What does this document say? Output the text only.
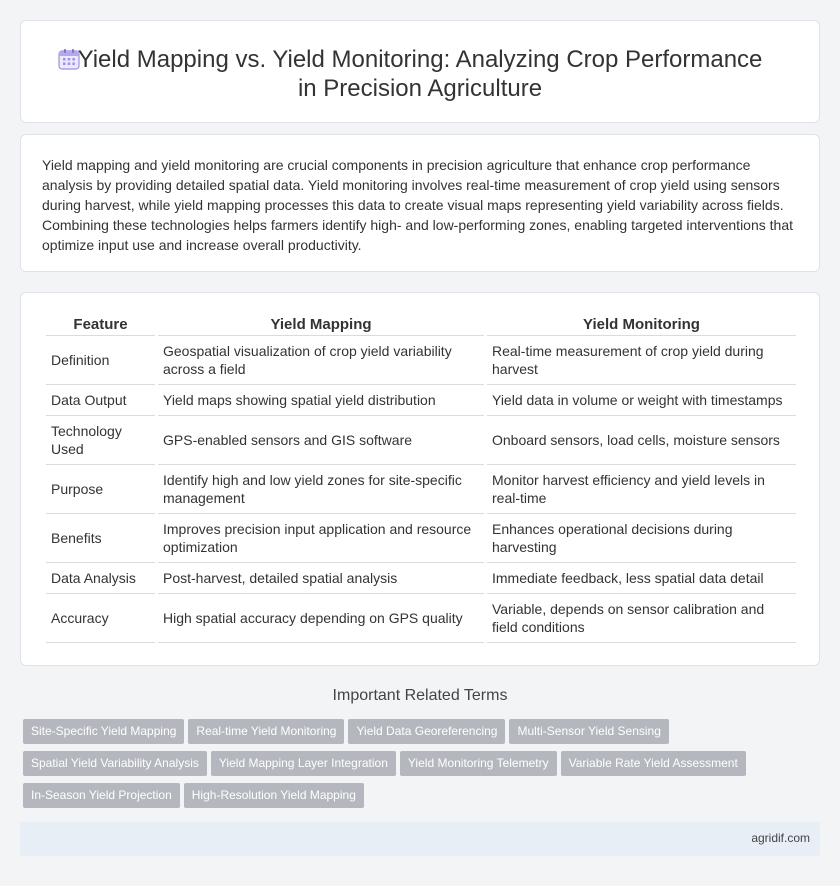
Yield Mapping vs. Yield Monitoring: Analyzing Crop Performance
in Precision Agriculture

Yield mapping and yield monitoring are crucial components in precision agriculture that enhance crop performance analysis by providing detailed spatial data. Yield monitoring involves real-time measurement of crop yield using sensors during harvest, while yield mapping processes this data to create visual maps representing yield variability across fields. Combining these technologies helps farmers identify high- and low-performing zones, enabling targeted interventions that optimize input use and increase overall productivity.

Feature	Yield Mapping	Yield Monitoring
Definition	Geospatial visualization of crop yield variability across a field	Real-time measurement of crop yield during harvest
Data Output	Yield maps showing spatial yield distribution	Yield data in volume or weight with timestamps
Technology Used	GPS-enabled sensors and GIS software	Onboard sensors, load cells, moisture sensors
Purpose	Identify high and low yield zones for site-specific management	Monitor harvest efficiency and yield levels in real-time
Benefits	Improves precision input application and resource optimization	Enhances operational decisions during harvesting
Data Analysis	Post-harvest, detailed spatial analysis	Immediate feedback, less spatial data detail
Accuracy	High spatial accuracy depending on GPS quality	Variable, depends on sensor calibration and field conditions
Important Related Terms
Site-Specific Yield Mapping Real-time Yield Monitoring Yield Data Georeferencing Multi-Sensor Yield Sensing
Spatial Yield Variability Analysis Yield Mapping Layer Integration Yield Monitoring Telemetry Variable Rate Yield Assessment
In-Season Yield Projection High-Resolution Yield Mapping
agridif.com
